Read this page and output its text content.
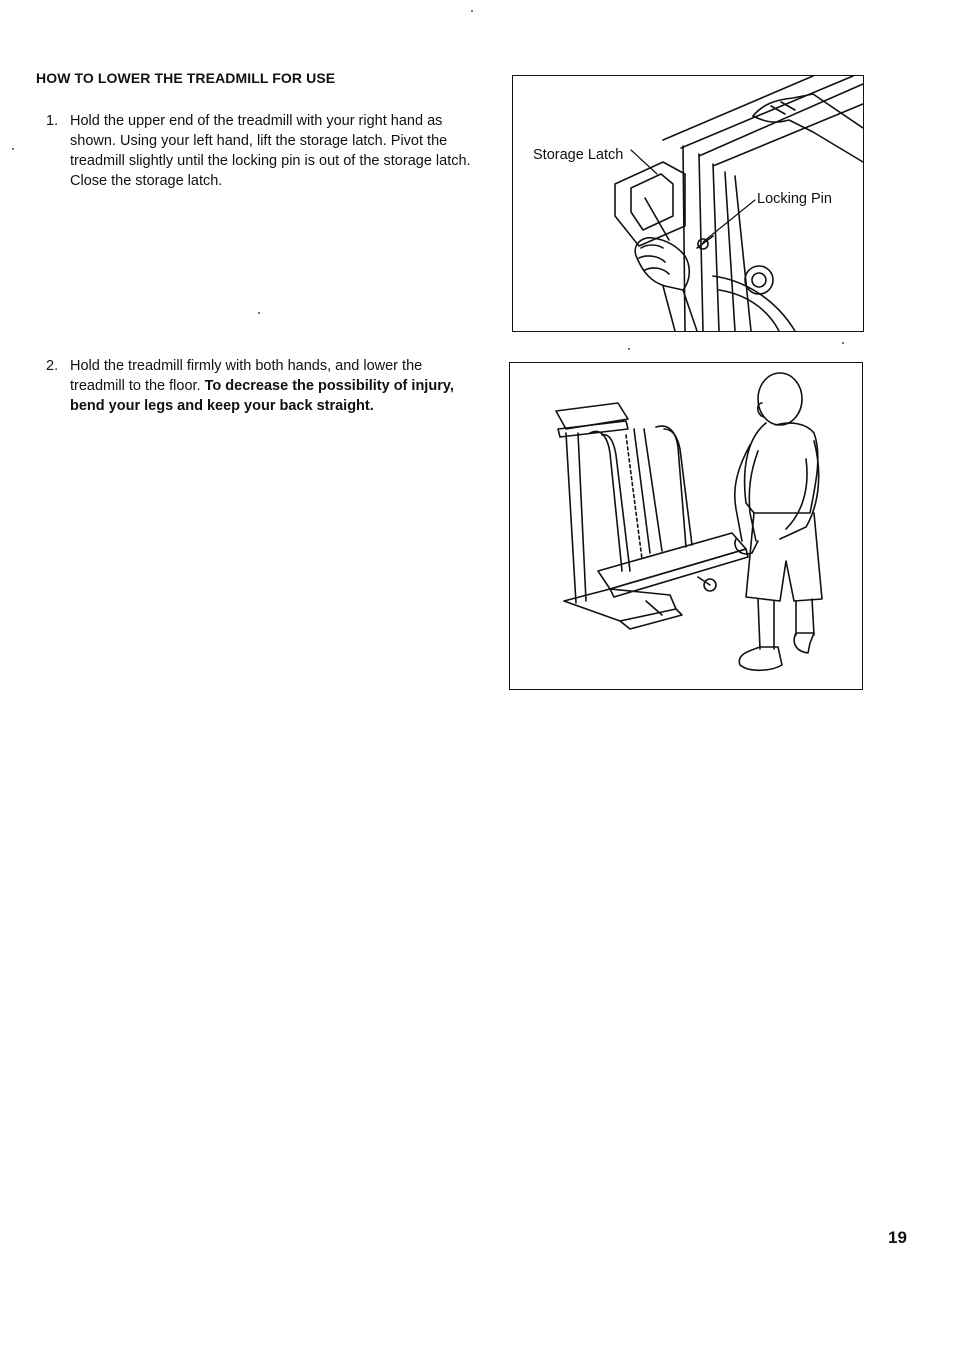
HOW TO LOWER THE TREADMILL FOR USE
1. Hold the upper end of the treadmill with your right hand as shown. Using your left hand, lift the storage latch. Pivot the treadmill slightly until the locking pin is out of the storage latch. Close the storage latch.
2. Hold the treadmill firmly with both hands, and lower the treadmill to the floor. To decrease the possibility of injury, bend your legs and keep your back straight.
Storage Latch
Locking Pin
19
